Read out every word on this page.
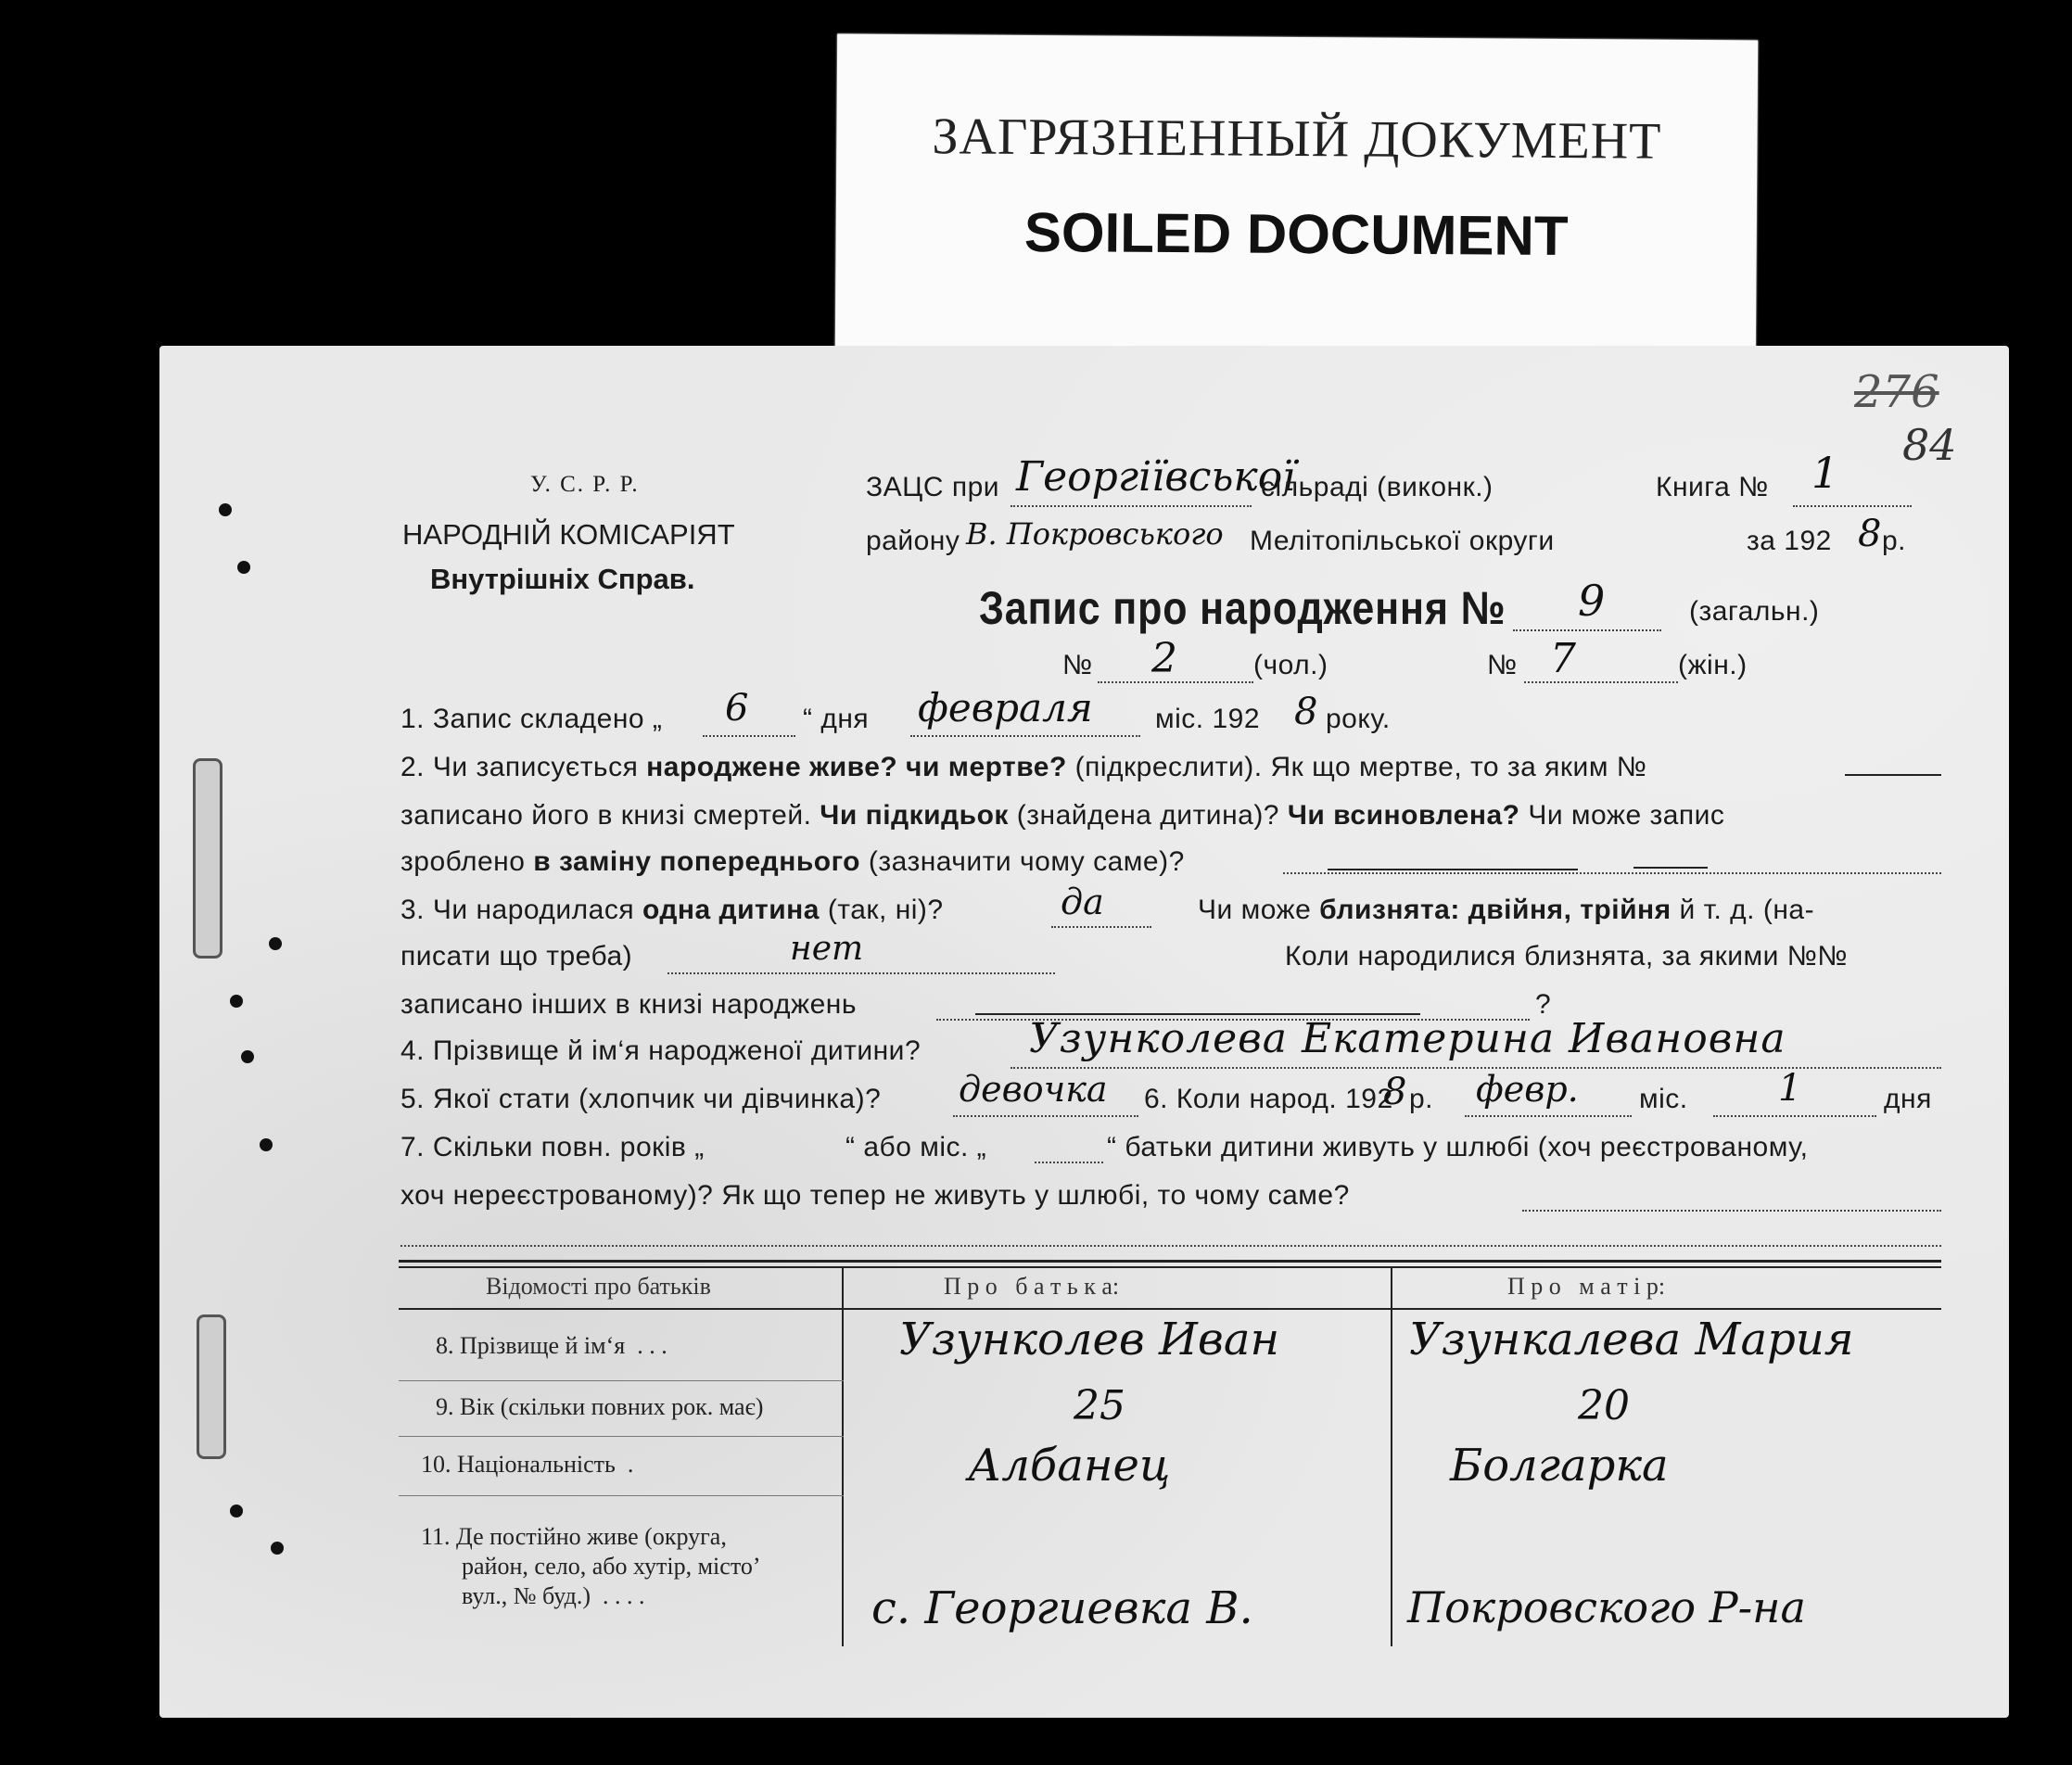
ЗАГРЯЗНЕННЫЙ ДОКУМЕНТ
SOILED DOCUMENT
276
84
У. С. Р. Р.
НАРОДНІЙ КОМІСАРІЯТ
Внутрішніх Справ.
ЗАЦС при Георгіївської
сільраді (виконк.)	Книга № 1
району В. Покровського Мелітопільської округи	за 192 8 р.
Запис про народження № 9	(загальн.)
№ 2	(чол.)	№ 7	(жін.)
1. Запис складено „ 6 “ дня февраля міс. 192 8 року.
2. Чи записується народжене живе? чи мертве? (підкреслити). Як що мертве, то за яким №
записано його в книзі смертей. Чи підкидьок (знайдена дитина)? Чи всиновлена? Чи може запис
зроблено в заміну попереднього (зазначити чому саме)?
3. Чи народилася одна дитина (так, ні)?	да	Чи може близнята: двійня, трійня й т. д. (на-
писати що треба)	нет	Коли народилися близнята, за якими №№
записано інших в книзі народжень	?
4. Прізвище й ім‘я народженої дитини?	Узунколева Екатерина Ивановна
5. Якої стати (хлопчик чи дівчинка)? девочка 6. Коли народ. 192
8 р. февр. міс. 1	дня
7. Скільки повн. років „	“ або міс. „	“ батьки дитини живуть у шлюбі (хоч реєстрованому,
хоч нереєстрованому)? Як що тепер не живуть у шлюбі, то чому саме?
Відомості про батьків	П р о   б а т ь к а:	П р о   м а т і р:
8. Прізвище й ім‘я  . . .	Узунколев Иван	Узункалева Мария
9. Вік (скільки повних рок. має)	25	20
10. Національність  .	Албанец	Болгарка
11. Де постійно живе (округа,
район, село, або хутір, місто’
вул., № буд.)  . . . .	с. Георгиевка В.	Покровского Р-на
